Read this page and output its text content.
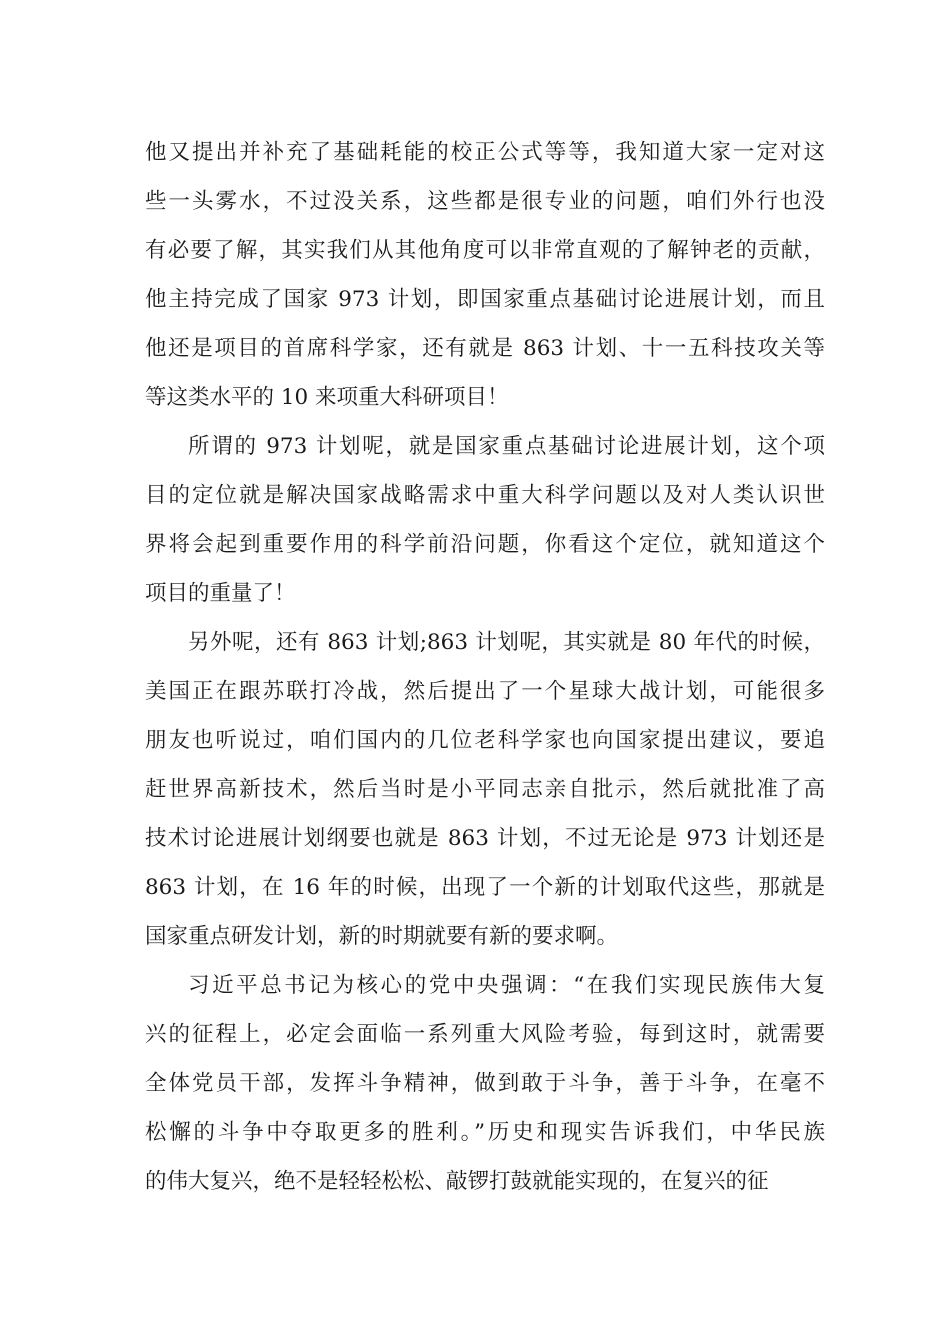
他又提出并补充了基础耗能的校正公式等等，我知道大家一定对这
些一头雾水，不过没关系，这些都是很专业的问题，咱们外行也没
有必要了解，其实我们从其他角度可以非常直观的了解钟老的贡献，
他主持完成了国家 973 计划，即国家重点基础讨论进展计划，而且
他还是项目的首席科学家，还有就是 863 计划、十一五科技攻关等
等这类水平的 10 来项重大科研项目！
所谓的 973 计划呢，就是国家重点基础讨论进展计划，这个项
目的定位就是解决国家战略需求中重大科学问题以及对人类认识世
界将会起到重要作用的科学前沿问题，你看这个定位，就知道这个
项目的重量了！
另外呢，还有 863 计划;863 计划呢，其实就是 80 年代的时候，
美国正在跟苏联打冷战，然后提出了一个星球大战计划，可能很多
朋友也听说过，咱们国内的几位老科学家也向国家提出建议，要追
赶世界高新技术，然后当时是小平同志亲自批示，然后就批准了高
技术讨论进展计划纲要也就是 863 计划，不过无论是 973 计划还是
863 计划，在 16 年的时候，出现了一个新的计划取代这些，那就是
国家重点研发计划，新的时期就要有新的要求啊。
习近平总书记为核心的党中央强调：“在我们实现民族伟大复
兴的征程上，必定会面临一系列重大风险考验，每到这时，就需要
全体党员干部，发挥斗争精神，做到敢于斗争，善于斗争，在毫不
松懈的斗争中夺取更多的胜利。”历史和现实告诉我们，中华民族
的伟大复兴，绝不是轻轻松松、敲锣打鼓就能实现的，在复兴的征
